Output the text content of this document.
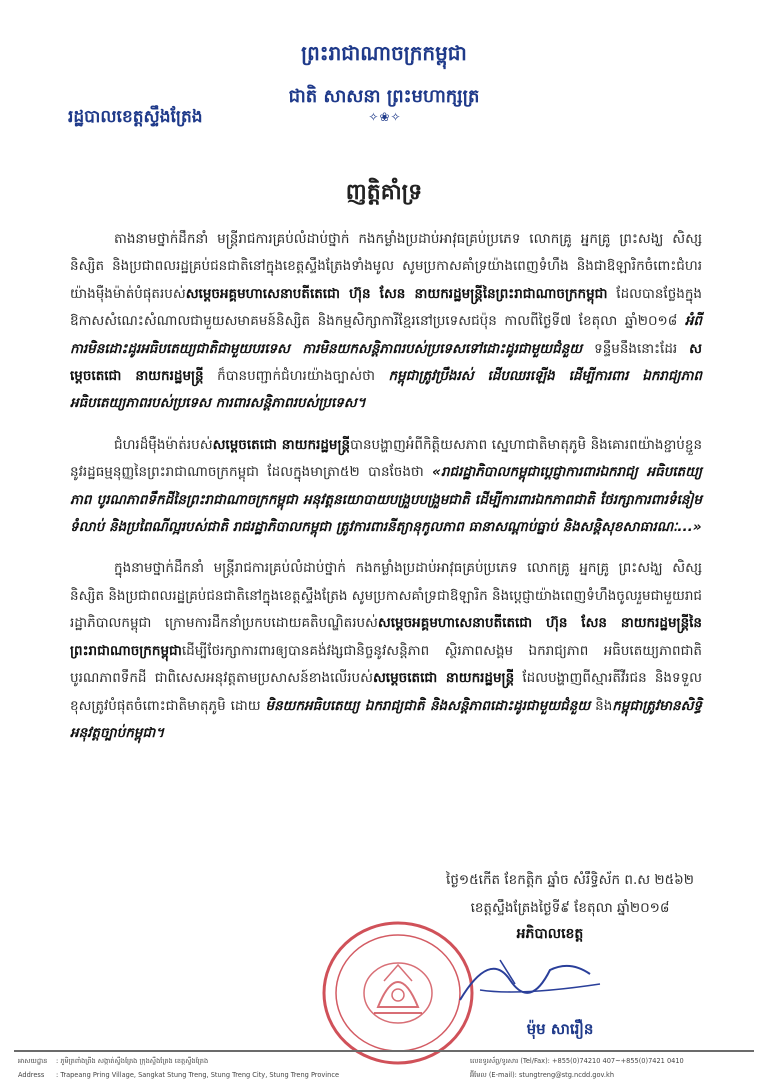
ព្រះរាជាណាចក្រកម្ពុជា
ជាតិ សាសនា ព្រះមហាក្សត្រ
✧❀✧
រដ្ឋបាលខេត្តស្ទឹងត្រែង
ញត្តិគាំទ្រ

តាងនាមថ្នាក់ដឹកនាំ មន្ត្រីរាជការគ្រប់លំដាប់ថ្នាក់ កងកម្លាំងប្រដាប់អាវុធគ្រប់ប្រភេទ លោកគ្រូ អ្នកគ្រូ ព្រះសង្ឃ សិស្ស និស្សិត និងប្រជាពលរដ្ឋគ្រប់ជនជាតិនៅក្នុងខេត្តស្ទឹងត្រែងទាំងមូល សូមប្រកាសគាំទ្រយ៉ាងពេញទំហឹង និងជាឱឡារិកចំពោះជំហរយ៉ាងម៉ឺងម៉ាត់បំផុតរបស់សម្តេចអគ្គមហាសេនាបតីតេជោ ហ៊ុន សែន នាយករដ្ឋមន្ត្រីនៃព្រះរាជាណាចក្រកម្ពុជា ដែលបានថ្លែងក្នុងឱកាសសំណេះសំណាលជាមួយសមាគមន៍និស្សិត និងកម្មសិក្សាការីខ្មែរនៅប្រទេសជប៉ុន កាលពីថ្ងៃទី៧ ខែតុលា ឆ្នាំ២០១៨ អំពីការមិនដោះដូរអធិបតេយ្យជាតិជាមួយបរទេស ការមិនយកសន្តិភាពរបស់ប្រទេសទៅដោះដូរជាមួយជំនួយ ទន្ទឹមនឹងនោះដែរ សម្តេចតេជោ នាយករដ្ឋមន្ត្រី ក៏បានបញ្ជាក់ជំហរយ៉ាងច្បាស់ថា កម្ពុជាត្រូវប្រឹងរស់ ដើបឈរឡើង ដើម្បីការពារ ឯករាជ្យភាព អធិបតេយ្យភាពរបស់ប្រទេស ការពារសន្តិភាពរបស់ប្រទេស។

ជំហរដ៏ម៉ឺងម៉ាត់របស់សម្តេចតេជោ នាយករដ្ឋមន្ត្រីបានបង្ហាញអំពីកិត្តិយសភាព ស្នេហាជាតិមាតុភូមិ និងគោរពយ៉ាងខ្ជាប់ខ្ជួននូវរដ្ឋធម្មនុញ្ញនៃព្រះរាជាណាចក្រកម្ពុជា ដែលក្នុងមាត្រា៥២ បានចែងថា «រាជរដ្ឋាភិបាលកម្ពុជាប្តេជ្ញាការពារឯករាជ្យ អធិបតេយ្យភាព បូរណភាពទឹកដីនៃព្រះរាជាណាចក្រកម្ពុជា អនុវត្តនយោបាយបង្រួបបង្រួមជាតិ ដើម្បីការពារឯកភាពជាតិ ថែរក្សាការពារទំនៀមទំលាប់ និងប្រពៃណីល្អរបស់ជាតិ រាជរដ្ឋាភិបាលកម្ពុជា ត្រូវការពារនីត្យានុកូលភាព ធានាសណ្តាប់ធ្នាប់ និងសន្តិសុខសាធារណៈ...»

ក្នុងនាមថ្នាក់ដឹកនាំ មន្ត្រីរាជការគ្រប់លំដាប់ថ្នាក់ កងកម្លាំងប្រដាប់អាវុធគ្រប់ប្រភេទ លោកគ្រូ អ្នកគ្រូ ព្រះសង្ឃ សិស្ស និស្សិត និងប្រជាពលរដ្ឋគ្រប់ជនជាតិនៅក្នុងខេត្តស្ទឹងត្រែង សូមប្រកាសគាំទ្រជាឱឡារិក និងប្តេជ្ញាយ៉ាងពេញទំហឹងចូលរួមជាមួយរាជរដ្ឋាភិបាលកម្ពុជា ក្រោមការដឹកនាំប្រកបដោយគតិបណ្ឌិតរបស់សម្តេចអគ្គមហាសេនាបតីតេជោ ហ៊ុន សែន នាយករដ្ឋមន្ត្រីនៃព្រះរាជាណាចក្រកម្ពុជាដើម្បីថែរក្សាការពារឲ្យបានគង់វង្សជានិច្ចនូវសន្តិភាព ស្ថិរភាពសង្គម ឯករាជ្យភាព អធិបតេយ្យភាពជាតិ បូរណភាពទឹកដី ជាពិសេសអនុវត្តតាមប្រសាសន៍ខាងលើរបស់សម្តេចតេជោ នាយករដ្ឋមន្ត្រី ដែលបង្ហាញពីស្មារតីវីរជន និងទទួលខុសត្រូវបំផុតចំពោះជាតិមាតុភូមិ ដោយ មិនយកអធិបតេយ្យ ឯករាជ្យជាតិ និងសន្តិភាពដោះដូរជាមួយជំនួយ និងកម្ពុជាត្រូវមានសិទ្ធិអនុវត្តច្បាប់កម្ពុជា។

ថ្ងៃ១៥កើត ខែកត្តិក ឆ្នាំច សំរឹទ្ធិស័ក ព.ស ២៥៦២
ខេត្តស្ទឹងត្រែងថ្ងៃទី៩ ខែតុលា ឆ្នាំ២០១៨
អភិបាលខេត្ត
ម៉ុម សារឿន
អាសយដ្ឋាន : ភូមិត្រពាំងព្រីង សង្កាត់ស្ទឹងត្រែង ក្រុងស្ទឹងត្រែង ខេត្តស្ទឹងត្រែង
Address : Trapeang Pring Village, Sangkat Stung Treng, Stung Treng City, Stung Treng Province
លេខទូរស័ព្ទ/ទូរសារ (Tel/Fax): +855(0)74210 407~+855(0)7421 0410
អ៊ីមែល (E-mail): stungtreng@stg.ncdd.gov.kh
